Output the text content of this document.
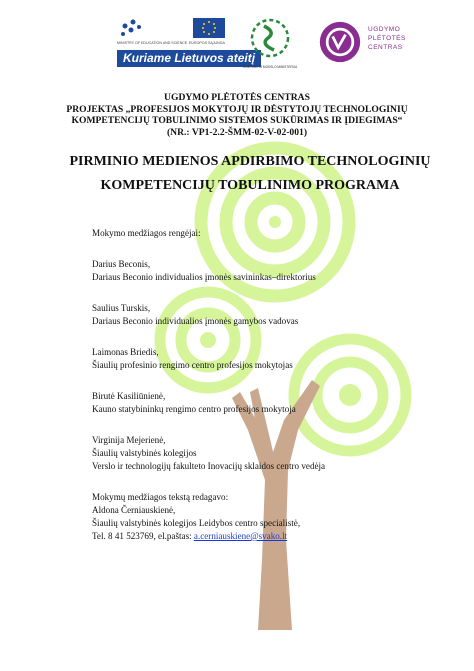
MINISTRY OF EDUCATION AND SCIENCE EUROPOS SĄJUNGA
Kuriame Lietuvos ateitį
ŠVIETIMO IR MOKSLO MINISTERIJA
UGDYMO
PLĖTOTĖS
CENTRAS
UGDYMO PLĖTOTĖS CENTRAS
PROJEKTAS „PROFESIJOS MOKYTOJŲ IR DĖSTYTOJŲ TECHNOLOGINIŲ
KOMPETENCIJŲ TOBULINIMO SISTEMOS SUKŪRIMAS IR ĮDIEGIMAS“
(NR.: VP1-2.2-ŠMM-02-V-02-001)
PIRMINIO MEDIENOS APDIRBIMO TECHNOLOGINIŲ
KOMPETENCIJŲ TOBULINIMO PROGRAMA

Mokymo medžiagos rengėjai:

Darius Beconis,

Dariaus Beconio individualios įmonės savininkas–direktorius

Saulius Turskis,

Dariaus Beconio individualios įmonės gamybos vadovas

Laimonas Briedis,

Šiaulių profesinio rengimo centro profesijos mokytojas

Birutė Kasiliūnienė,

Kauno statybininkų rengimo centro profesijos mokytoja

Virginija Mejerienė,

Šiaulių valstybinės kolegijos

Verslo ir technologijų fakulteto Inovacijų sklaidos centro vedėja

Mokymų medžiagos tekstą redagavo:

Aldona Černiauskienė,

Šiaulių valstybinės kolegijos Leidybos centro specialistė,

Tel. 8 41 523769, el.paštas: a.cerniauskiene@svako.lt
